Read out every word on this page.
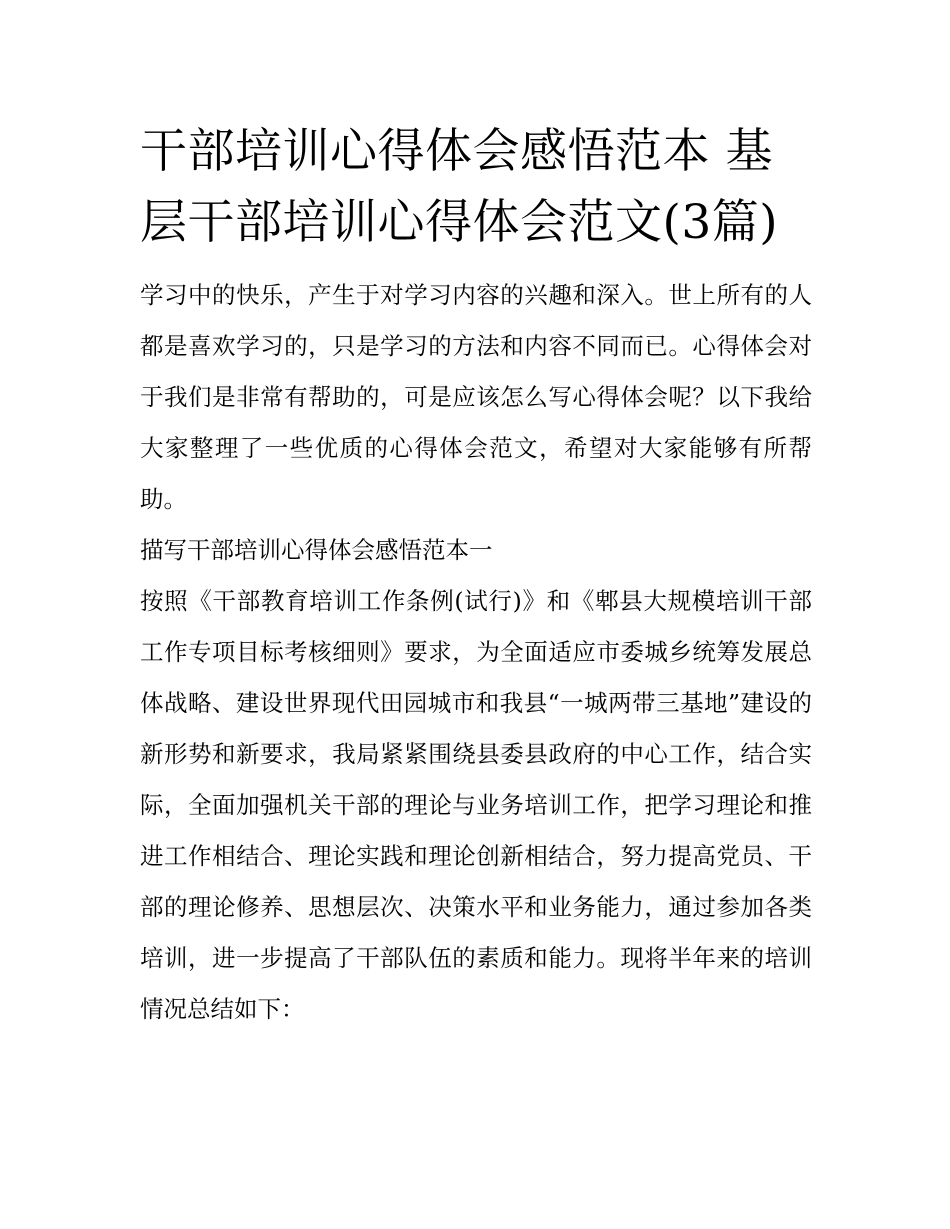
干部培训心得体会感悟范本 基层干部培训心得体会范文(3篇)

学习中的快乐，产生于对学习内容的兴趣和深入。世上所有的人都是喜欢学习的，只是学习的方法和内容不同而已。心得体会对于我们是非常有帮助的，可是应该怎么写心得体会呢？以下我给大家整理了一些优质的心得体会范文，希望对大家能够有所帮助。

描写干部培训心得体会感悟范本一

按照《干部教育培训工作条例(试行)》和《郫县大规模培训干部工作专项目标考核细则》要求，为全面适应市委城乡统筹发展总体战略、建设世界现代田园城市和我县“一城两带三基地”建设的新形势和新要求，我局紧紧围绕县委县政府的中心工作，结合实际，全面加强机关干部的理论与业务培训工作，把学习理论和推进工作相结合、理论实践和理论创新相结合，努力提高党员、干部的理论修养、思想层次、决策水平和业务能力，通过参加各类培训，进一步提高了干部队伍的素质和能力。现将半年来的培训情况总结如下：
